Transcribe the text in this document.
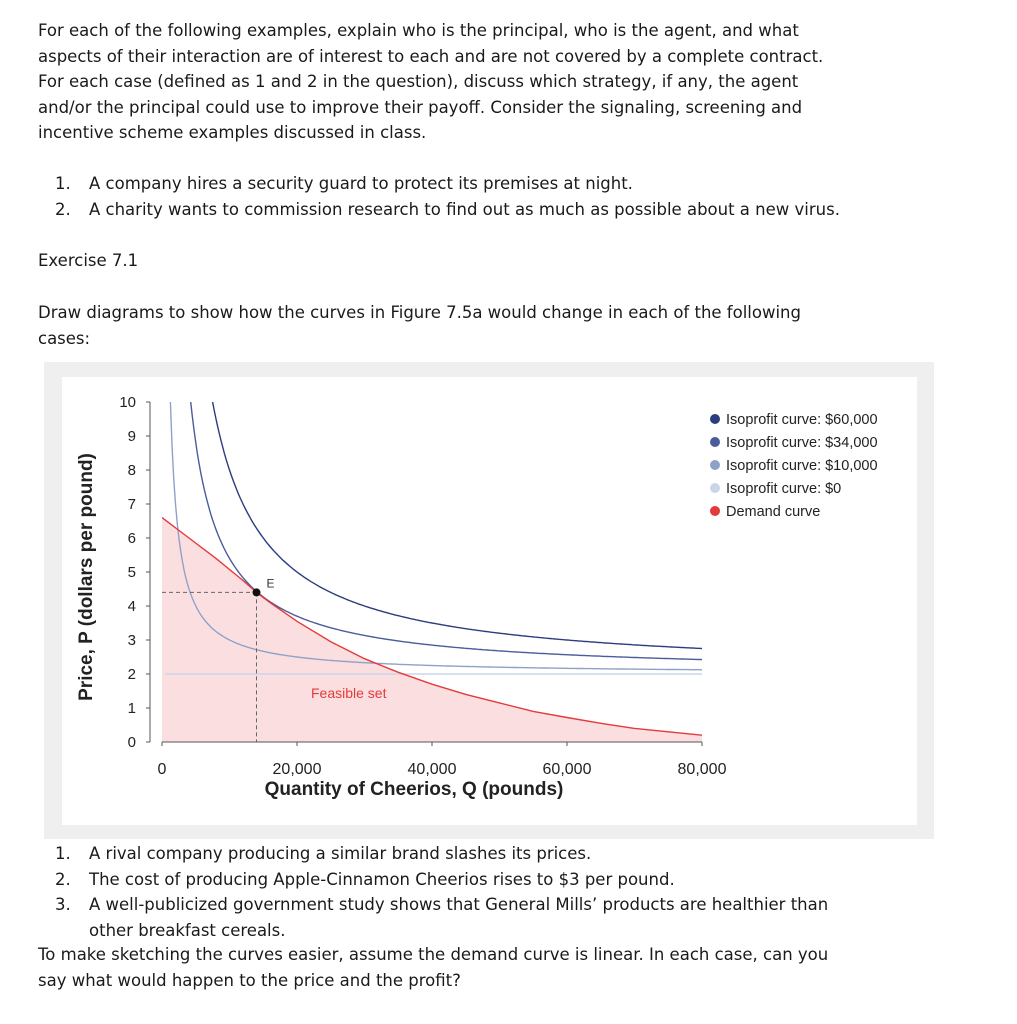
For each of the following examples, explain who is the principal, who is the agent, and what
aspects of their interaction are of interest to each and are not covered by a complete contract.
For each case (defined as 1 and 2 in the question), discuss which strategy, if any, the agent
and/or the principal could use to improve their payoff. Consider the signaling, screening and
incentive scheme examples discussed in class.

1. A company hires a security guard to protect its premises at night.
2. A charity wants to commission research to find out as much as possible about a new virus.

Exercise 7.1

Draw diagrams to show how the curves in Figure 7.5a would change in each of the following
cases:

0
1
2
3
4
5
6
7
8
9
10
0	20,000	40,000	60,000	80,000
E
Feasible set
Quantity of Cheerios, Q (pounds)
Price, P (dollars per pound)
Isoprofit curve: $60,000
Isoprofit curve: $34,000
Isoprofit curve: $10,000
Isoprofit curve: $0
Demand curve
1. A rival company producing a similar brand slashes its prices.
2. The cost of producing Apple-Cinnamon Cheerios rises to $3 per pound.
3. A well-publicized government study shows that General Mills’ products are healthier than
other breakfast cereals.

To make sketching the curves easier, assume the demand curve is linear. In each case, can you
say what would happen to the price and the profit?
